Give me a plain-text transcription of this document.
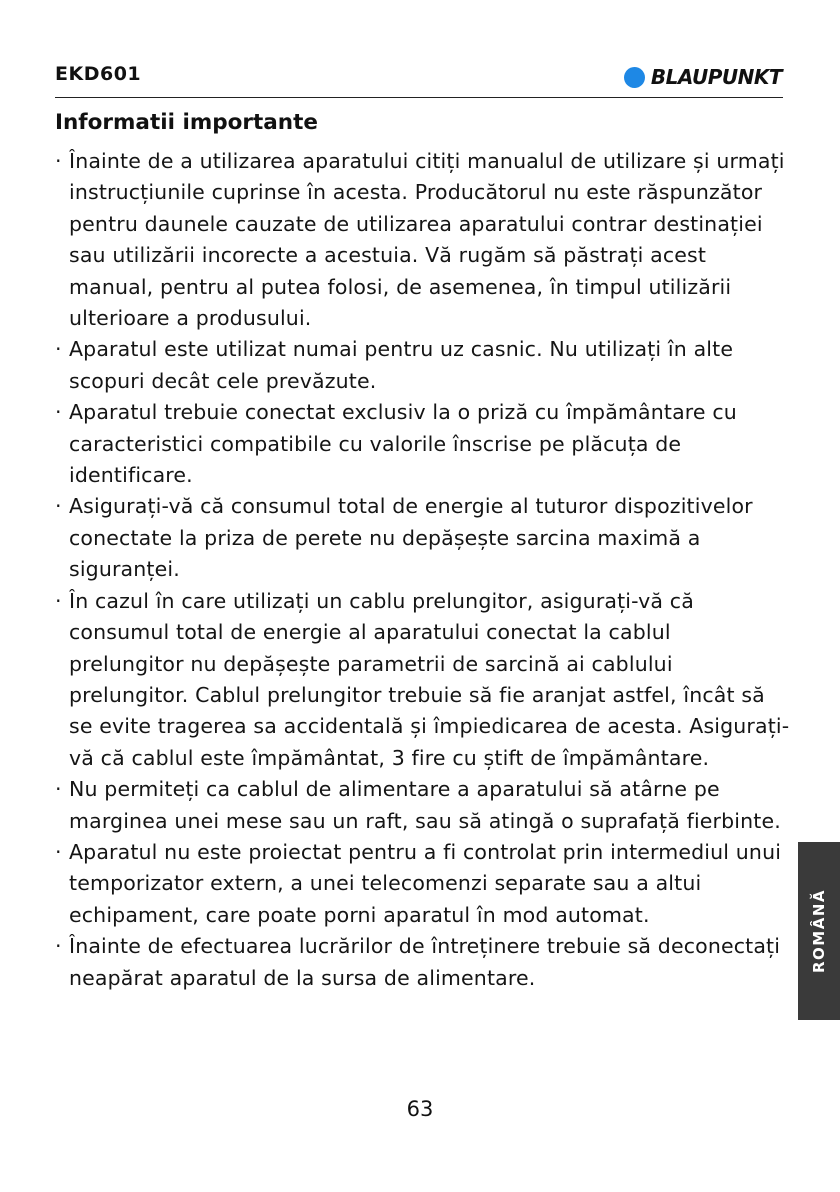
EKD601	BLAUPUNKT
Informatii importante
· Înainte de a utilizarea aparatului citiți manualul de utilizare și urmați instrucțiunile cuprinse în acesta. Producătorul nu este răspunzător pentru daunele cauzate de utilizarea aparatului contrar destinației sau utilizării incorecte a acestuia. Vă rugăm să păstrați acest manual, pentru al putea folosi, de asemenea, în timpul utilizării ulterioare a produsului.
· Aparatul este utilizat numai pentru uz casnic. Nu utilizați în alte scopuri decât cele prevăzute.
· Aparatul trebuie conectat exclusiv la o priză cu împământare cu caracteristici compatibile cu valorile înscrise pe plăcuța de identificare.
· Asigurați-vă că consumul total de energie al tuturor dispozitivelor conectate la priza de perete nu depășește sarcina maximă a siguranței.
· În cazul în care utilizați un cablu prelungitor, asigurați-vă că consumul total de energie al aparatului conectat la cablul prelungitor nu depășește parametrii de sarcină ai cablului prelungitor. Cablul prelungitor trebuie să fie aranjat astfel, încât să se evite tragerea sa accidentală și împiedicarea de acesta. Asigurați-vă că cablul este împământat, 3 fire cu știft de împământare.
· Nu permiteți ca cablul de alimentare a aparatului să atârne pe marginea unei mese sau un raft, sau să atingă o suprafață fierbinte.
· Aparatul nu este proiectat pentru a fi controlat prin intermediul unui temporizator extern, a unei telecomenzi separate sau a altui echipament, care poate porni aparatul în mod automat.
· Înainte de efectuarea lucrărilor de întreținere trebuie să deconectați neapărat aparatul de la sursa de alimentare.
ROMÂNĂ
63
